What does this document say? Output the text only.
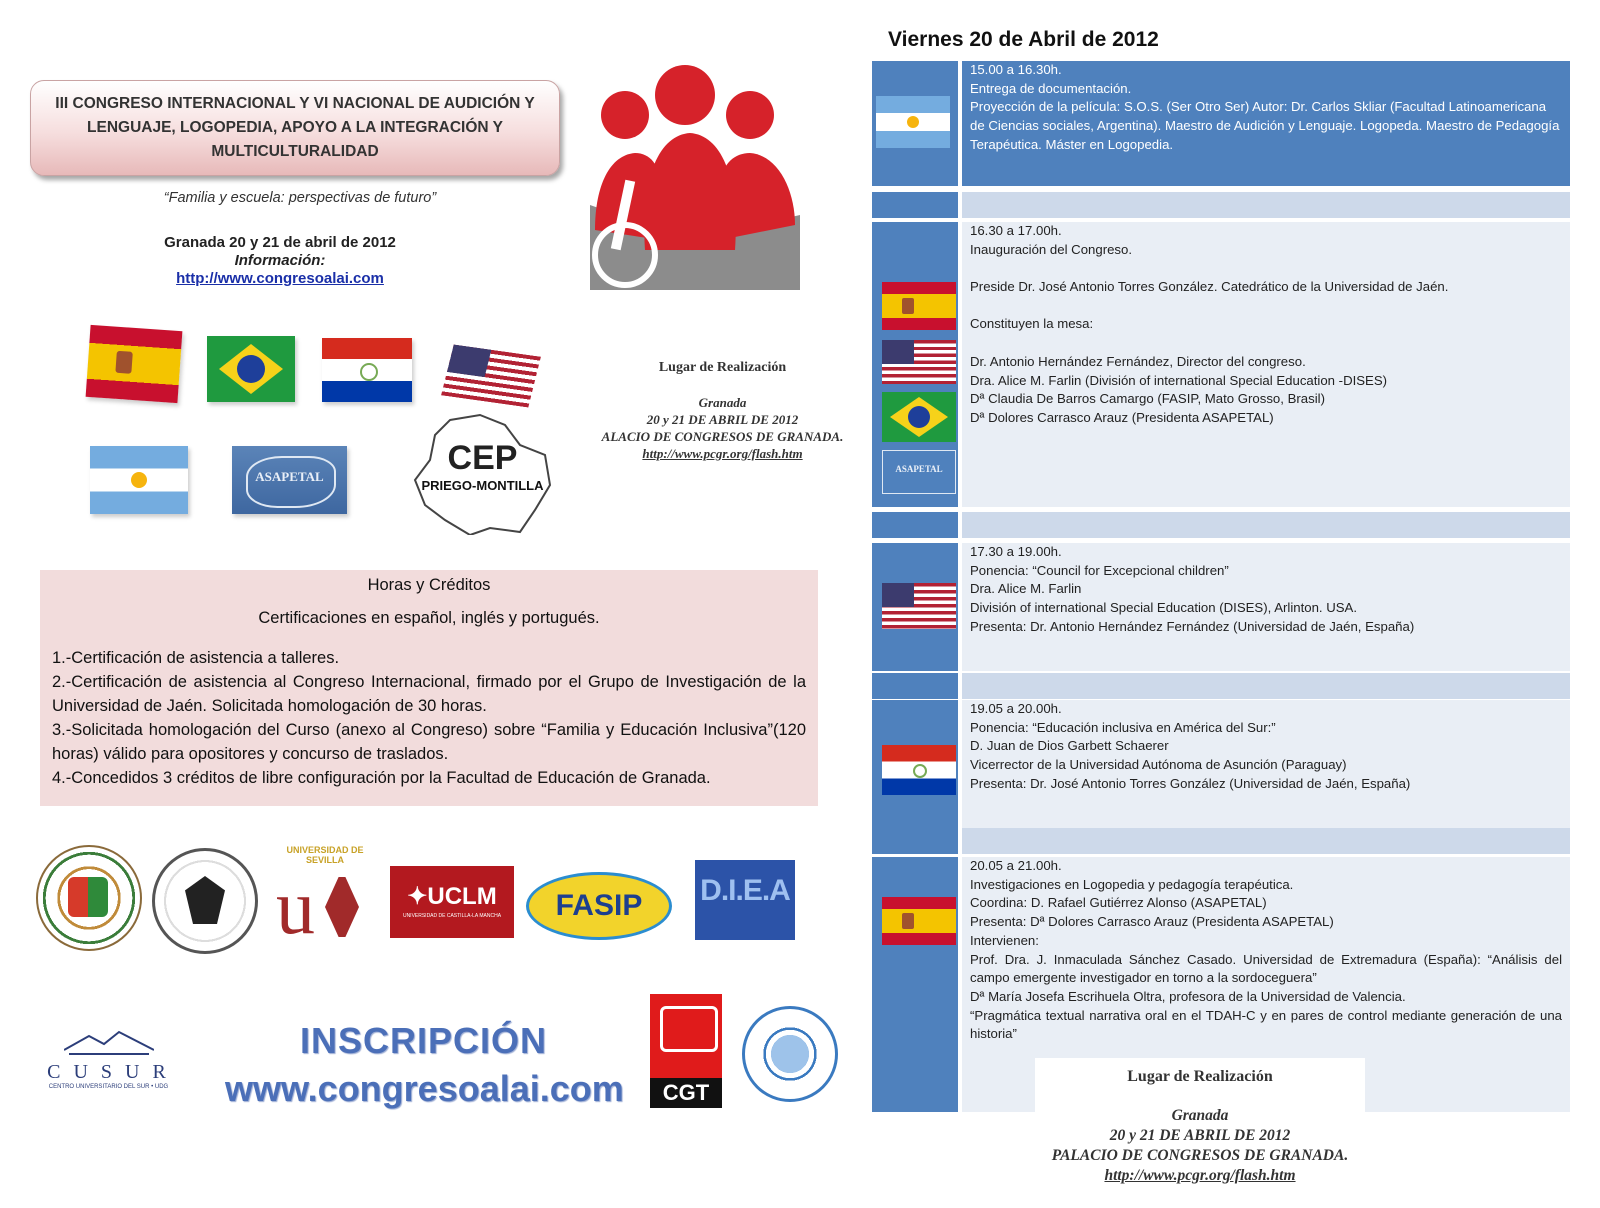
III CONGRESO INTERNACIONAL Y VI NACIONAL DE AUDICIÓN Y LENGUAJE, LOGOPEDIA, APOYO A LA INTEGRACIÓN Y MULTICULTURALIDAD
“Familia y escuela: perspectivas de futuro”
Granada 20 y 21 de abril de 2012
Información:
http://www.congresoalai.com
ASAPETAL	CEP
PRIEGO-MONTILLA
Lugar de Realización
Granada
20 y 21 DE ABRIL DE 2012
ALACIO DE CONGRESOS DE GRANADA.
http://www.pcgr.org/flash.htm
Horas y Créditos
Certificaciones en español, inglés y portugués.

1.-Certificación de asistencia a talleres.

2.-Certificación de asistencia al Congreso Internacional, firmado por el Grupo de Investigación de la Universidad de Jaén. Solicitada homologación de 30 horas.

3.-Solicitada homologación del Curso (anexo al Congreso) sobre “Familia y Educación Inclusiva”(120 horas) válido para opositores y concurso de traslados.

4.-Concedidos 3 créditos de libre configuración por la Facultad de Educación de Granada.

UNIVERSIDAD DE SEVILLA
u	✦UCLM
UNIVERSIDAD DE CASTILLA-LA MANCHA	FASIP D.I.E.A
C U S U R
CENTRO UNIVERSITARIO DEL SUR • UDG
INSCRIPCIÓN
www.congresoalai.com	CGT
Viernes 20 de Abril de 2012

15.00 a 16.30h.

Entrega de documentación.

Proyección de la película: S.O.S. (Ser Otro Ser) Autor: Dr. Carlos Skliar (Facultad Latinoamericana de Ciencias sociales, Argentina). Maestro de Audición y Lenguaje. Logopeda. Maestro de Pedagogía Terapéutica. Máster en Logopedia.

ASAPETAL

16.30 a 17.00h.

Inauguración del Congreso.

Preside Dr. José Antonio Torres González. Catedrático de la Universidad de Jaén.

Constituyen la mesa:

Dr. Antonio Hernández Fernández, Director del congreso.

Dra. Alice M. Farlin (División of international Special Education -DISES)

Dª Claudia De Barros Camargo (FASIP, Mato Grosso, Brasil)

Dª Dolores Carrasco Arauz (Presidenta ASAPETAL)

17.30 a 19.00h.

Ponencia: “Council for Excepcional children”

Dra. Alice M. Farlin

División of international Special Education (DISES), Arlinton. USA.

Presenta: Dr. Antonio Hernández Fernández (Universidad de Jaén, España)

19.05 a 20.00h.

Ponencia: “Educación inclusiva en América del Sur:”

D. Juan de Dios Garbett Schaerer

Vicerrector de la Universidad Autónoma de Asunción (Paraguay)

Presenta: Dr. José Antonio Torres González (Universidad de Jaén, España)

20.05 a 21.00h.

Investigaciones en Logopedia y pedagogía terapéutica.

Coordina: D. Rafael Gutiérrez Alonso (ASAPETAL)

Presenta: Dª Dolores Carrasco Arauz (Presidenta ASAPETAL)

Intervienen:

Prof. Dra. J. Inmaculada Sánchez Casado. Universidad de Extremadura (España): “Análisis del campo emergente investigador en torno a la sordoceguera”

Dª María Josefa Escrihuela Oltra, profesora de la Universidad de Valencia.

“Pragmática textual narrativa oral en el TDAH-C y en pares de control mediante generación de una historia”

Lugar de Realización
Granada
20 y 21 DE ABRIL DE 2012
PALACIO DE CONGRESOS DE GRANADA.
http://www.pcgr.org/flash.htm
